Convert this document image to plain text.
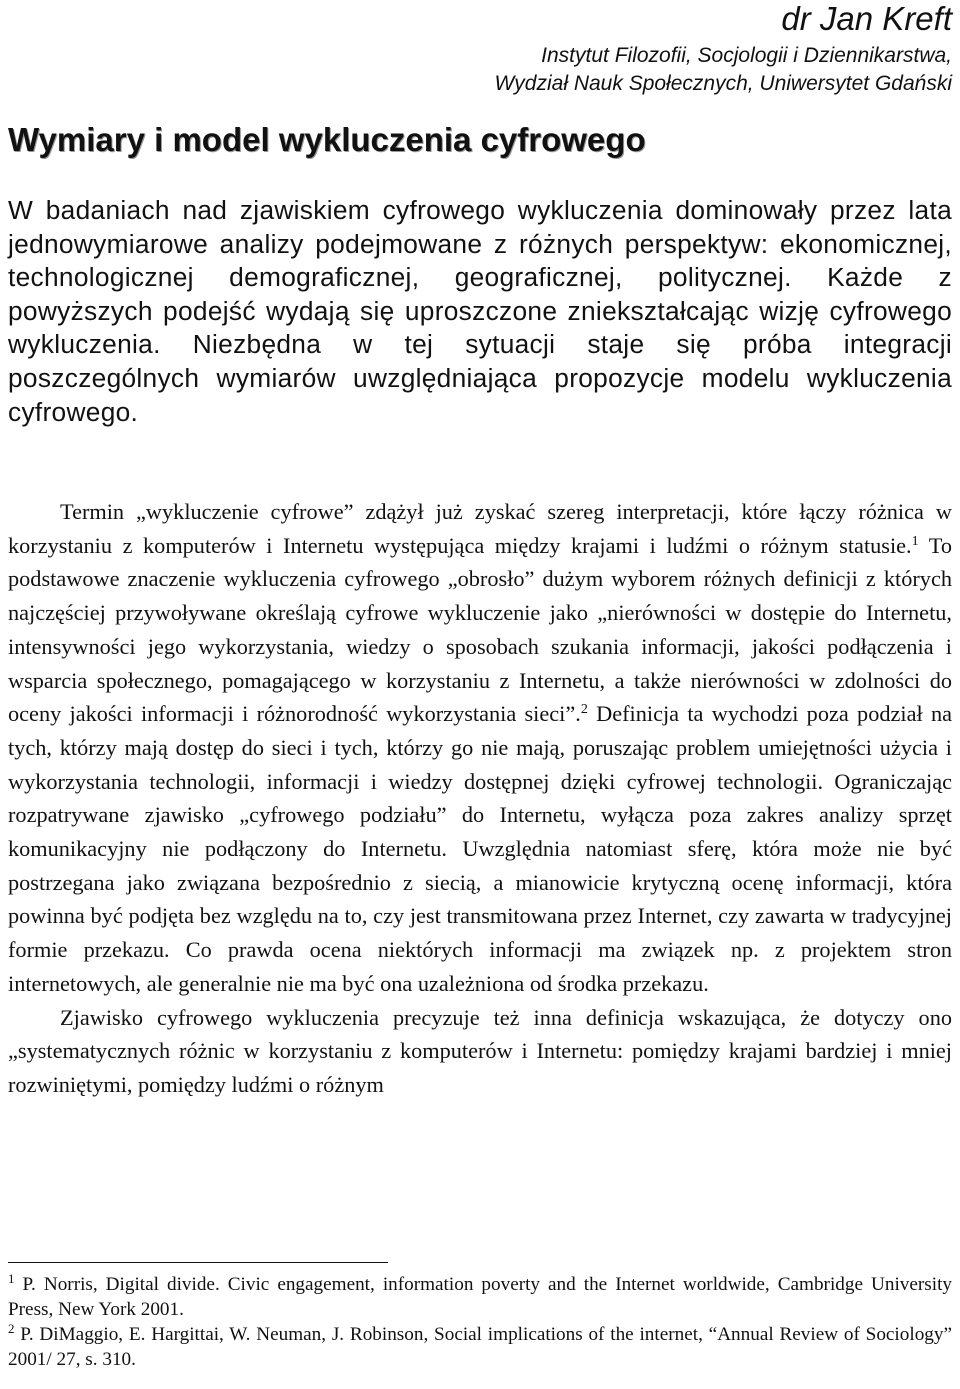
dr Jan Kreft
Instytut Filozofii, Socjologii i Dziennikarstwa,
Wydział Nauk Społecznych, Uniwersytet Gdański
Wymiary i model wykluczenia cyfrowego

W badaniach nad zjawiskiem cyfrowego wykluczenia dominowały przez lata jednowymiarowe analizy podejmowane z różnych perspektyw: ekonomicznej, technologicznej demograficznej, geograficznej, politycznej. Każde z powyższych podejść wydają się uproszczone zniekształcając wizję cyfrowego wykluczenia. Niezbędna w tej sytuacji staje się próba integracji poszczególnych wymiarów uwzględniająca propozycje modelu wykluczenia cyfrowego.

Termin „wykluczenie cyfrowe” zdążył już zyskać szereg interpretacji, które łączy różnica w korzystaniu z komputerów i Internetu występująca między krajami i ludźmi o różnym statusie.$^1$ To podstawowe znaczenie wykluczenia cyfrowego „obrosło” dużym wyborem różnych definicji z których najczęściej przywoływane określają cyfrowe wykluczenie jako „nierówności w dostępie do Internetu, intensywności jego wykorzystania, wiedzy o sposobach szukania informacji, jakości podłączenia i wsparcia społecznego, pomagającego w korzystaniu z Internetu, a także nierówności w zdolności do oceny jakości informacji i różnorodność wykorzystania sieci”.$^2$ Definicja ta wychodzi poza podział na tych, którzy mają dostęp do sieci i tych, którzy go nie mają, poruszając problem umiejętności użycia i wykorzystania technologii, informacji i wiedzy dostępnej dzięki cyfrowej technologii. Ograniczając rozpatrywane zjawisko „cyfrowego podziału” do Internetu, wyłącza poza zakres analizy sprzęt komunikacyjny nie podłączony do Internetu. Uwzględnia natomiast sferę, która może nie być postrzegana jako związana bezpośrednio z siecią, a mianowicie krytyczną ocenę informacji, która powinna być podjęta bez względu na to, czy jest transmitowana przez Internet, czy zawarta w tradycyjnej formie przekazu. Co prawda ocena niektórych informacji ma związek np. z projektem stron internetowych, ale generalnie nie ma być ona uzależniona od środka przekazu.

Zjawisko cyfrowego wykluczenia precyzuje też inna definicja wskazująca, że dotyczy ono „systematycznych różnic w korzystaniu z komputerów i Internetu: pomiędzy krajami bardziej i mniej rozwiniętymi, pomiędzy ludźmi o różnym

$^1$ P. Norris, Digital divide. Civic engagement, information poverty and the Internet worldwide, Cambridge University Press, New York 2001.

$^2$ P. DiMaggio, E. Hargittai, W. Neuman, J. Robinson, Social implications of the internet, “Annual Review of Sociology” 2001/ 27, s. 310.
